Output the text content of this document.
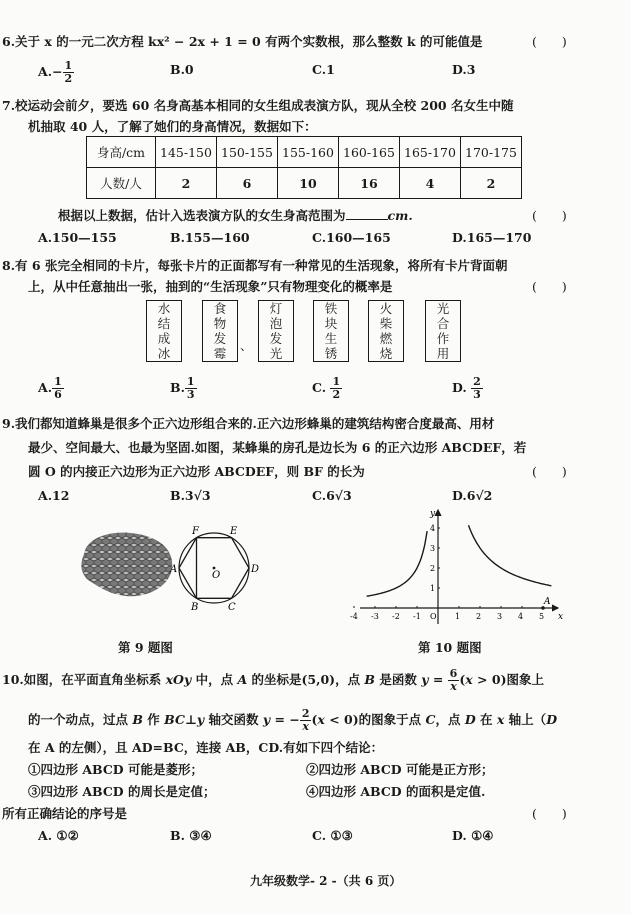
6.关于 x 的一元二次方程 kx² − 2x + 1 = 0 有两个实数根，那么整数 k 的可能值是	(　　)
$A.- \frac{1}{2}$	B.0	C.1	D.3
7.校运动会前夕，要选 60 名身高基本相同的女生组成表演方队，现从全校 200 名女生中随
机抽取 40 人，了解了她们的身高情况，数据如下：
身高/cm	145-150	150-155	155-160	160-165	165-170	170-175
人数/人	2	6	10	16	4	2
根据以上数据，估计入选表演方队的女生身高范围为	cm.	(　　)
A.150—155	B.155—160	C.160—165	D.165—170
8.有 6 张完全相同的卡片，每张卡片的正面都写有一种常见的生活现象，将所有卡片背面朝
上，从中任意抽出一张，抽到的“生活现象”只有物理变化的概率是	(　　)
水
结
成
冰
食
物
发
霉
、
灯
泡
发
光
铁
块
生
锈
火
柴
燃
烧
光
合
作
用
A. $\frac{1}{6}$	B. $\frac{1}{3}$	C. $\frac{1}{2}$	D. $\frac{2}{3}$
9.我们都知道蜂巢是很多个正六边形组合来的.正六边形蜂巢的建筑结构密合度最高、用材
最少、空间最大、也最为坚固.如图，某蜂巢的房孔是边长为 6 的正六边形 ABCDEF，若
圆 O 的内接正六边形为正六边形 ABCDEF，则 BF 的长为	(　　)
A.12	B.3√3	C.6√3	D.6√2
A
B	C
D
E
F
O
第 9 题图
-4 -3 -2 -1 O 1 2 3 4 5
1
2
3
4
A
x
y
第 10 题图
10.如图，在平面直角坐标系 xOy 中，点 A 的坐标是(5,0)，点 B 是函数 $y = \frac{6}{x} (x > 0)$图象上
的一个动点，过点 B 作 BC⊥y 轴交函数 y = − $\frac{2}{x} (x < 0)$的图象于点 C，点 D 在 x 轴上（D
在 A 的左侧），且 AD=BC，连接 AB，CD.有如下四个结论：
①四边形 ABCD 可能是菱形；	②四边形 ABCD 可能是正方形；
③四边形 ABCD 的周长是定值；	④四边形 ABCD 的面积是定值.
所有正确结论的序号是	(　　)
A. ①②	B. ③④	C. ①③	D. ①④
九年级数学- 2 -（共 6 页）
